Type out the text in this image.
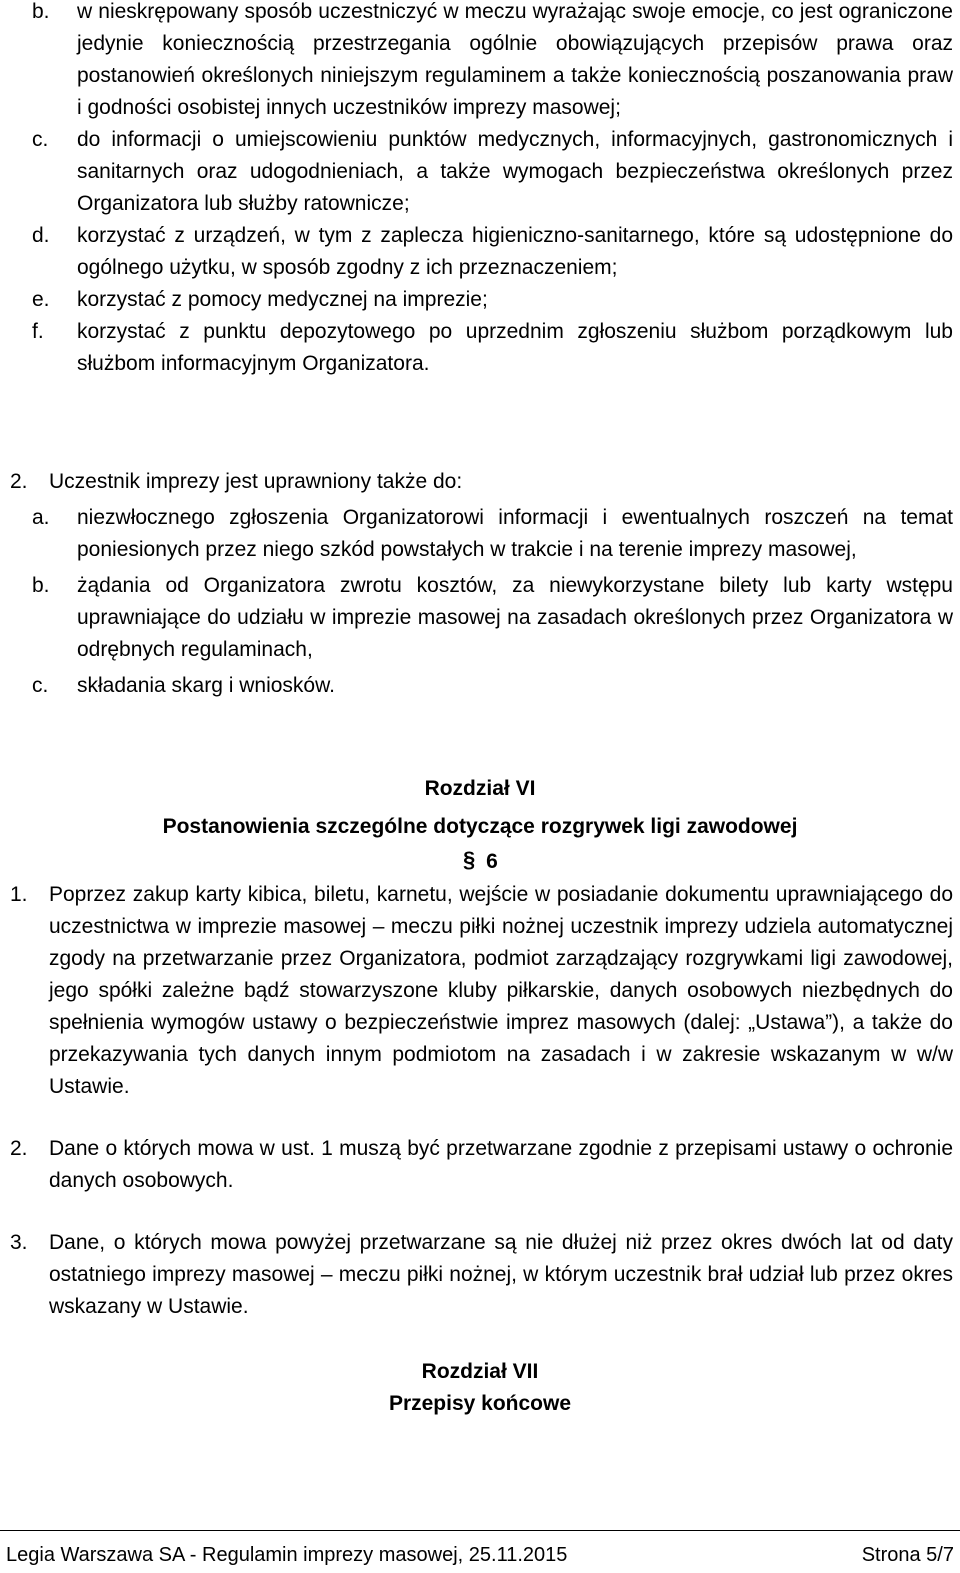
b.	w nieskrępowany sposób uczestniczyć w meczu wyrażając swoje emocje, co jest ograniczone jedynie koniecznością przestrzegania ogólnie obowiązujących przepisów prawa oraz postanowień określonych niniejszym regulaminem a także koniecznością poszanowania praw i godności osobistej innych uczestników imprezy masowej;
c.	do informacji o umiejscowieniu punktów medycznych, informacyjnych, gastronomicznych i sanitarnych oraz udogodnieniach, a także wymogach bezpieczeństwa określonych przez Organizatora lub służby ratownicze;
d.	korzystać z urządzeń, w tym z zaplecza higieniczno-sanitarnego, które są udostępnione do ogólnego użytku, w sposób zgodny z ich przeznaczeniem;
e.	korzystać z pomocy medycznej na imprezie;
f.	korzystać z punktu depozytowego po uprzednim zgłoszeniu służbom porządkowym lub służbom informacyjnym Organizatora.
2.	Uczestnik imprezy jest uprawniony także do:
a.	niezwłocznego zgłoszenia Organizatorowi informacji i ewentualnych roszczeń na temat poniesionych przez niego szkód powstałych w trakcie i na terenie imprezy masowej,
b.	żądania od Organizatora zwrotu kosztów, za niewykorzystane bilety lub karty wstępu uprawniające do udziału w imprezie masowej na zasadach określonych przez Organizatora w odrębnych regulaminach,
c.	składania skarg i wniosków.
Rozdział VI
Postanowienia szczególne dotyczące rozgrywek ligi zawodowej
§ 6
1.	Poprzez zakup karty kibica, biletu, karnetu, wejście w posiadanie dokumentu uprawniającego do uczestnictwa w imprezie masowej – meczu piłki nożnej uczestnik imprezy udziela automatycznej zgody na przetwarzanie przez Organizatora, podmiot zarządzający rozgrywkami ligi zawodowej, jego spółki zależne bądź stowarzyszone kluby piłkarskie, danych osobowych niezbędnych do spełnienia wymogów ustawy o bezpieczeństwie imprez masowych (dalej: „Ustawa”), a także do przekazywania tych danych innym podmiotom na zasadach i w zakresie wskazanym w w/w Ustawie.
2.	Dane o których mowa w ust. 1 muszą być przetwarzane zgodnie z przepisami ustawy o ochronie danych osobowych.
3.	Dane, o których mowa powyżej przetwarzane są nie dłużej niż przez okres dwóch lat od daty ostatniego imprezy masowej – meczu piłki nożnej, w którym uczestnik brał udział lub przez okres wskazany w Ustawie.
Rozdział VII
Przepisy końcowe
Legia Warszawa SA - Regulamin imprezy masowej, 25.11.2015	Strona 5/7
